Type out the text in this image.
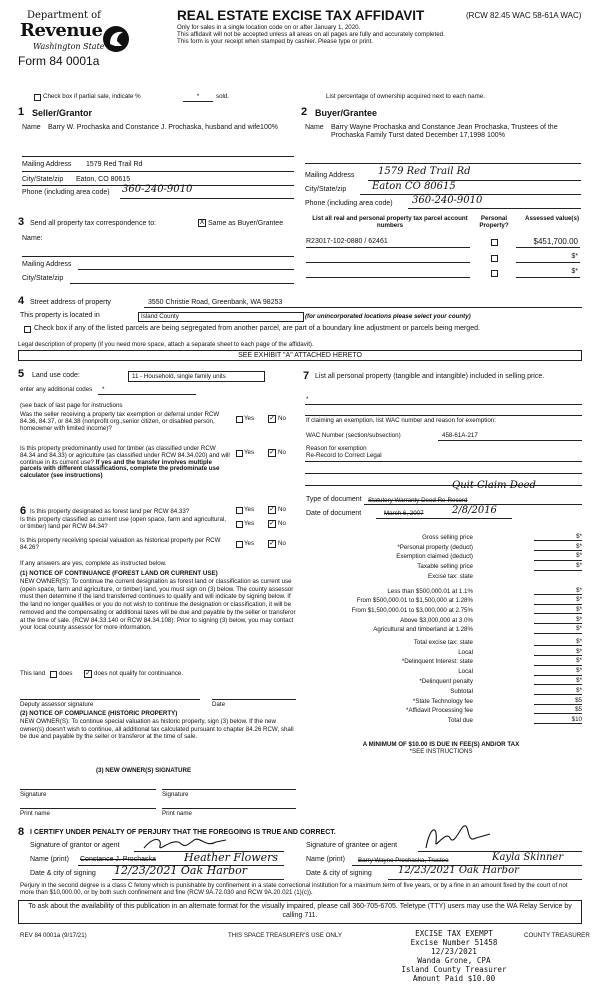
Department of
Revenue
Washington State
Form 84 0001a
REAL ESTATE EXCISE TAX AFFIDAVIT	(RCW 82.45 WAC 58-61A WAC)
Only for sales in a single location code on or after January 1, 2020.
This affidavit will not be accepted unless all areas on all pages are fully and accurately completed.
This form is your receipt when stamped by cashier. Please type or print.
Check box if partial sale, indicate %	*	sold.	List percentage of ownership acquired next to each name.
1 Seller/Grantor
Name Barry W. Prochaska and Constance J. Prochaska, husband and wife100%
Mailing Address 1579 Red Trail Rd
City/State/zip Eaton, CO 80615
Phone (including area code) 360-240-9010
2 Buyer/Grantee
Name Barry Wayne Prochaska and Constance Jean Prochaska, Trustees of the Prochaska Family Turst dated December 17,1998 100%
Mailing Address 1579 Red Trail Rd
City/State/zip	Eaton CO 80615
Phone (including area code) 360-240-9010
3 Send all property tax correspondence to:	X Same as Buyer/Grantee
Name:
Mailing Address
City/State/zip
List all real and personal property tax parcel account numbers
Personal Property?
Assessed value(s)
R23017-102-0880 / 62461	$451,700.00
$*
$*
4 Street address of property	3550 Christie Road, Greenbank, WA 98253
This property is located in	Island County	(for unincorporated locations please select your county)
Check box if any of the listed parcels are being segregated from another parcel, are part of a boundary line adjustment or parcels being merged.
Legal description of property (if you need more space, attach a separate sheet to each page of the affidavit).
SEE EXHIBIT "A" ATTACHED HERETO
5 Land use code:	11 - Household, single family units
enter any additional codes *
(see back of last page for instructions
Was the seller receiving a property tax exemption or deferral under RCW 84.36, 84.37, or 84.38 (nonprofit org.,senior citizen, or disabled person, homeowner with limited income)?
Yes ✓ No
Is this property predominantly used for timber (as classified under RCW 84.34 and 84.33) or agriculture (as classified under RCW 84.34.020) and will continue in its current use? If yes and the transfer involves multiple parcels with different classifications, complete the predominate use calculator (see instructions)
Yes ✓ No
6 Is this property designated as forest land per RCW 84.33?	Yes ✓ No
Is this property classified as current use (open space, farm and agricultural, or timber) land per RCW 84.34?	Yes ✓ No
Is this property receiving special valuation as historical property per RCW 84.26?
Yes ✓ No
If any answers are yes, complete as instructed below.
(1) NOTICE OF CONTINUANCE (FOREST LAND OR CURRENT USE)
NEW OWNER(S): To continue the current designation as forest land or classification as current use (open space, farm and agriculture, or timber) land, you must sign on (3) below. The county assessor must then determine if the land transferred continues to qualify and will indicate by signing below. If the land no longer qualifies or you do not wish to continue the designation or classification, it will be removed and the compensating or additional taxes will be due and payable by the seller or transferor at the time of sale. (RCW 84.33.140 or RCW 84.34.108). Prior to signing (3) below, you may contact your local county assessor for more information.
This land does ✓ does not qualify for continuance.
Deputy assessor signature	Date
(2) NOTICE OF COMPLIANCE (HISTORIC PROPERTY)
NEW OWNER(S): To continue special valuation as historic property, sign (3) below. If the new owner(s) doesn't wish to continue, all additional tax calculated pursuant to chapter 84.26 RCW, shall be due and payable by the seller or transferor at the time of sale.
(3) NEW OWNER(S) SIGNATURE
Signature	Signature
Print name	Print name
7 List all personal property (tangible and intangible) included in selling price.
*
If claiming an exemption, list WAC number and reason for exemption:
WAC Number (section/subsection)	458-61A-217
Reason for exemption
Re-Record to Correct Legal
Type of document Statutory Warranty Deed Re-Record
Quit Claim Deed
Date of document	March 6, 2007	2/8/2016
Gross selling price	$*
*Personal property (deduct)	$*
Exemption claimed (deduct)	$*
Taxable selling price	$*
Excise tax: state
Less than $500,000.01 at 1.1%	$*
From $500,000.01 to $1,500,000 at 1.28%	$*
From $1,500,000.01 to $3,000,000 at 2.75%	$*
Above $3,000,000 at 3.0%	$*
Agricultural and timberland at 1.28%	$*
Total excise tax: state	$*
Local	$*
*Delinquent Interest: state	$*
Local	$*
*Delinquent penalty	$*
Subtotal	$*
*State Technology fee	$5
*Affidavit Processing fee	$5
Total due	$10
A MINIMUM OF $10.00 IS DUE IN FEE(S) AND/OR TAX
*SEE INSTRUCTIONS
8 I CERTIFY UNDER PENALTY OF PERJURY THAT THE FOREGOING IS TRUE AND CORRECT.
Signature of grantor or agent
Name (print) Constance J. Prochaska	Heather Flowers
Date & city of signing 12/23/2021 Oak Harbor
Signature of grantee or agent
Name (print) Barry Wayne Prochaska, Trustee	Kayla Skinner
Date & city of signing	12/23/2021 Oak Harbor
Perjury in the second degree is a class C felony which is punishable by confinement in a state correctional institution for a maximum term of five years, or by a fine in an amount fixed by the court of not more than $10,000.00, or by both such confinement and fine (RCW 9A.72.030 and RCW 9A.20.021 (1)(c)).
To ask about the availability of this publication in an alternate format for the visually impaired, please call 360-705-6705. Teletype (TTY) users may use the WA Relay Service by calling 711.
REV 84 0001a (9/17/21)	THIS SPACE TREASURER'S USE ONLY	COUNTY TREASURER
EXCISE TAX EXEMPT
Excise Number 51458
12/23/2021
Wanda Grone, CPA
Island County Treasurer
Amount Paid $10.00
